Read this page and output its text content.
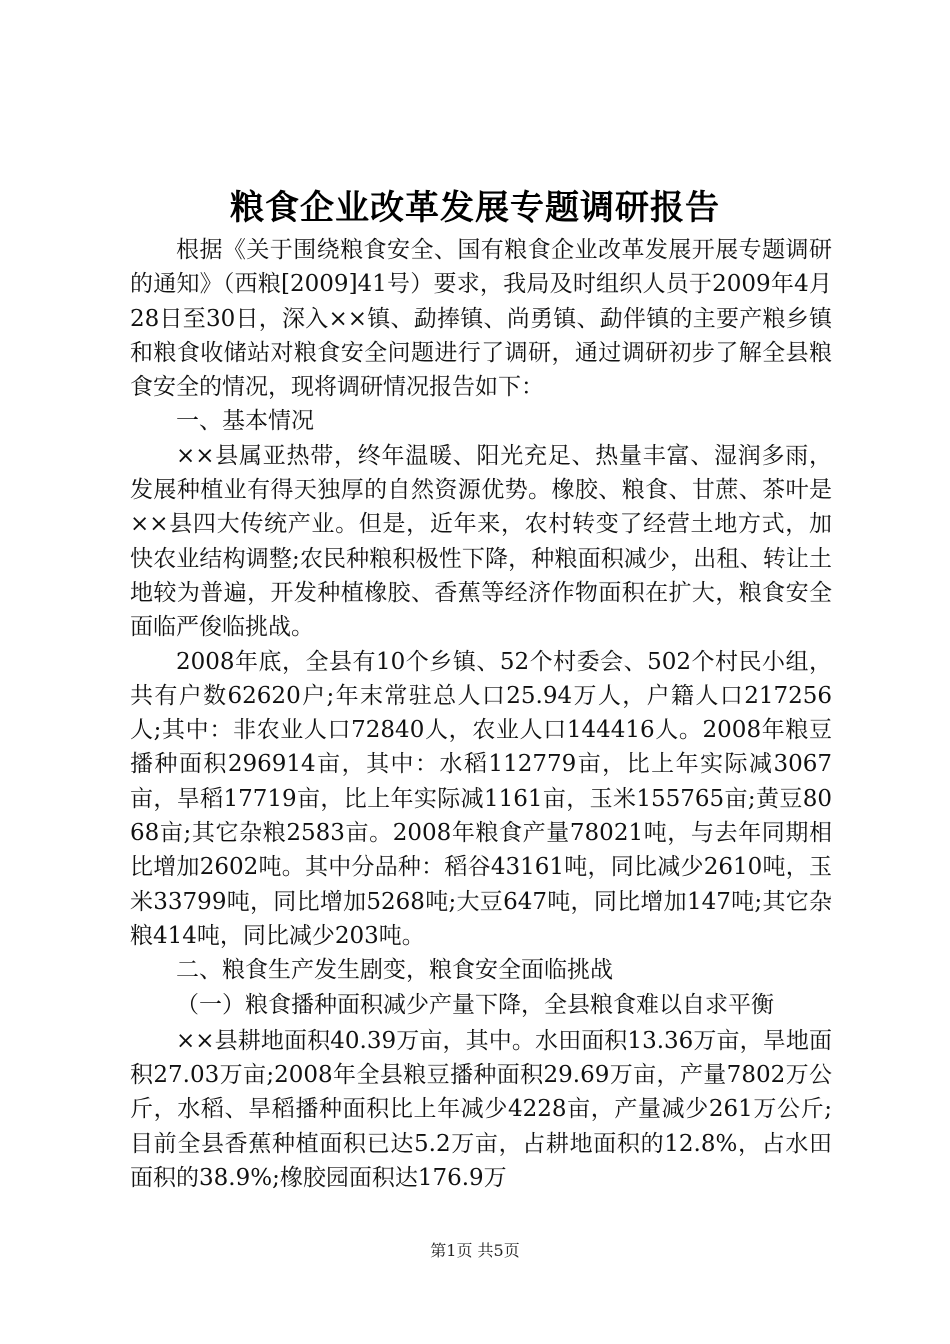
粮食企业改革发展专题调研报告

根据《关于围绕粮食安全、国有粮食企业改革发展开展专题调研的通知》（西粮[2009]41号）要求，我局及时组织人员于2009年4月28日至30日，深入××镇、勐捧镇、尚勇镇、勐伴镇的主要产粮乡镇和粮食收储站对粮食安全问题进行了调研，通过调研初步了解全县粮食安全的情况，现将调研情况报告如下：

一、基本情况

××县属亚热带，终年温暖、阳光充足、热量丰富、湿润多雨，发展种植业有得天独厚的自然资源优势。橡胶、粮食、甘蔗、茶叶是××县四大传统产业。但是，近年来，农村转变了经营土地方式，加快农业结构调整;农民种粮积极性下降，种粮面积减少，出租、转让土地较为普遍，开发种植橡胶、香蕉等经济作物面积在扩大，粮食安全面临严俊临挑战。

2008年底，全县有10个乡镇、52个村委会、502个村民小组，共有户数62620户;年末常驻总人口25.94万人，户籍人口217256人;其中：非农业人口72840人，农业人口144416人。2008年粮豆播种面积296914亩，其中：水稻112779亩，比上年实际减3067亩，旱稻17719亩，比上年实际减1161亩，玉米155765亩;黄豆8068亩;其它杂粮2583亩。2008年粮食产量78021吨，与去年同期相比增加2602吨。其中分品种：稻谷43161吨，同比减少2610吨，玉米33799吨，同比增加5268吨;大豆647吨，同比增加147吨;其它杂粮414吨，同比减少203吨。

二、粮食生产发生剧变，粮食安全面临挑战

（一）粮食播种面积减少产量下降，全县粮食难以自求平衡

××县耕地面积40.39万亩，其中。水田面积13.36万亩，旱地面积27.03万亩;2008年全县粮豆播种面积29.69万亩，产量7802万公斤，水稻、旱稻播种面积比上年减少4228亩，产量减少261万公斤;目前全县香蕉种植面积已达5.2万亩，占耕地面积的12.8%，占水田面积的38.9%;橡胶园面积达176.9万

第1页 共5页
